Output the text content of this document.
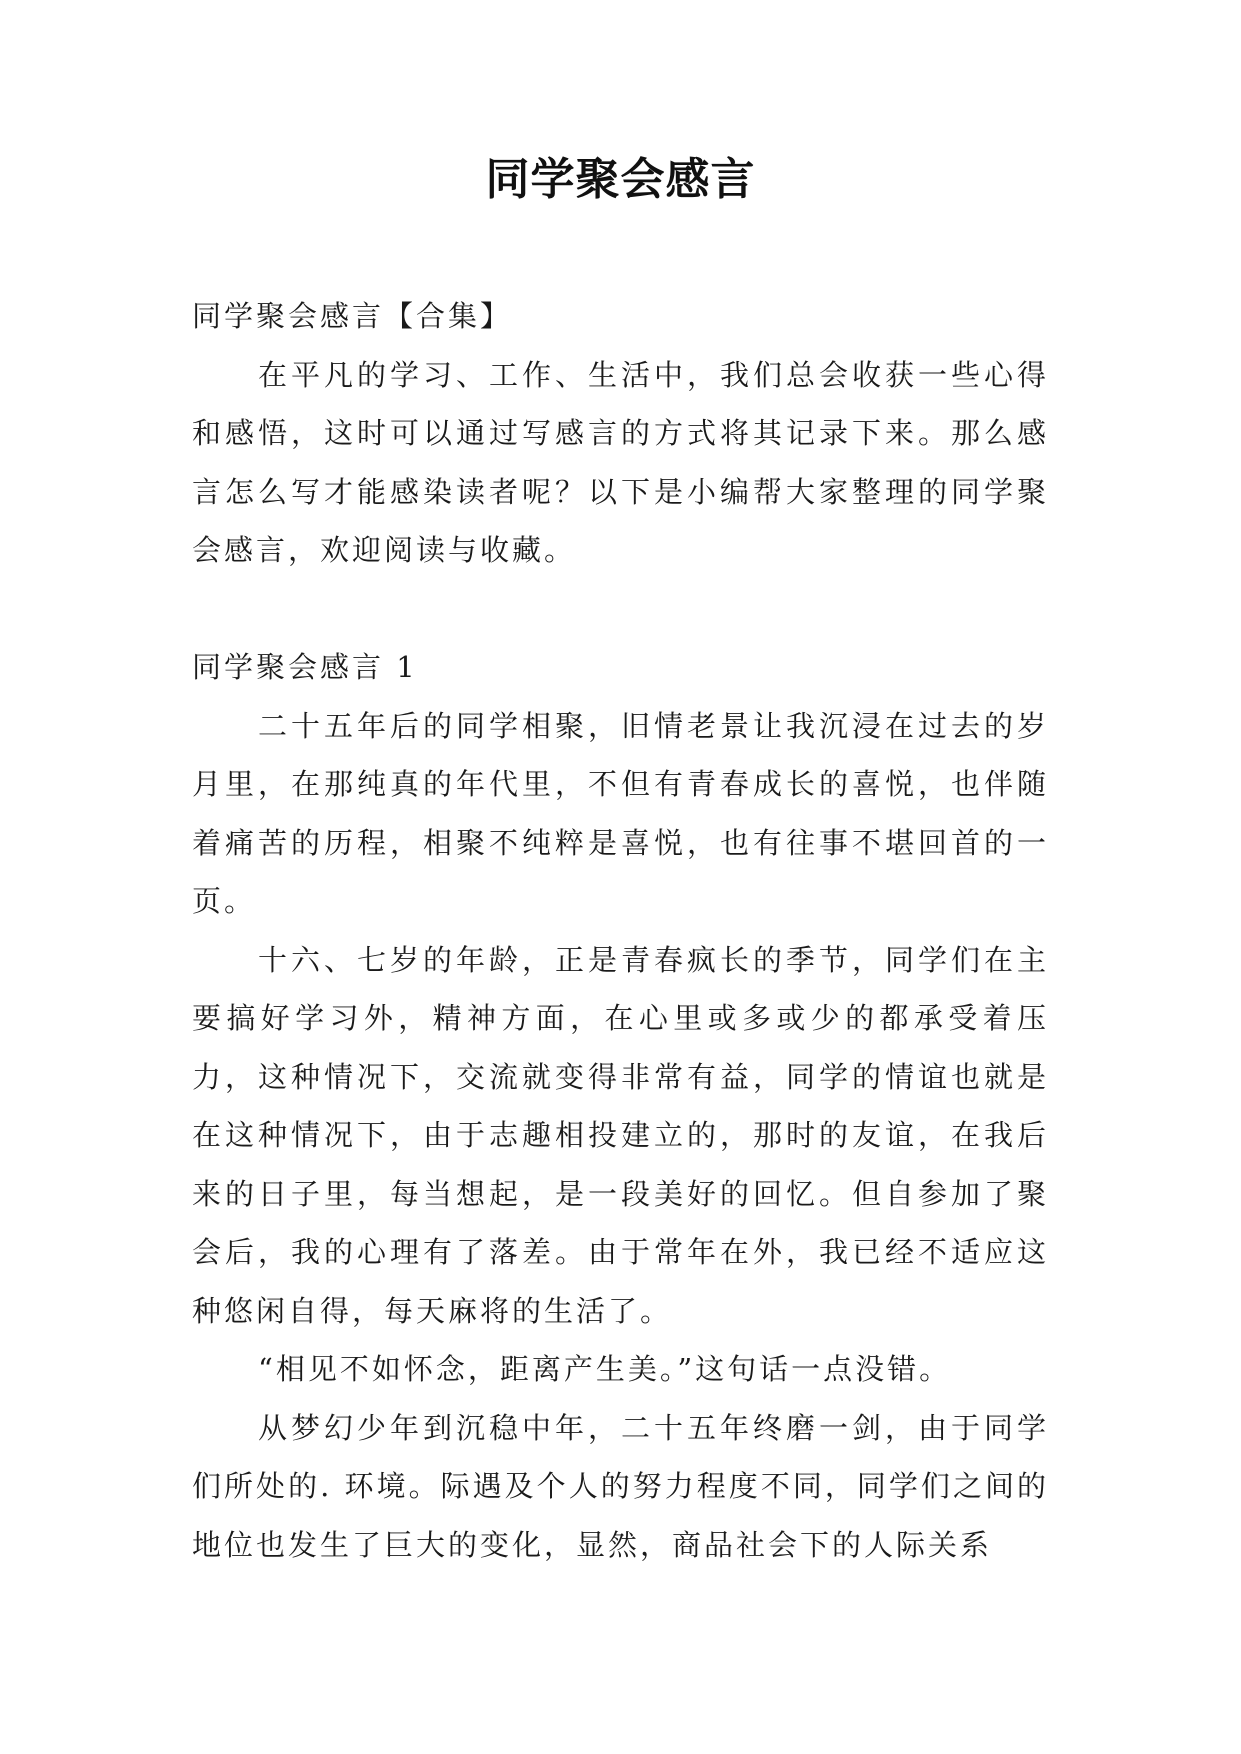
同学聚会感言

同学聚会感言【合集】

在平凡的学习、工作、生活中，我们总会收获一些心得和感悟，这时可以通过写感言的方式将其记录下来。那么感言怎么写才能感染读者呢？以下是小编帮大家整理的同学聚会感言，欢迎阅读与收藏。

同学聚会感言 1

二十五年后的同学相聚，旧情老景让我沉浸在过去的岁月里，在那纯真的年代里，不但有青春成长的喜悦，也伴随着痛苦的历程，相聚不纯粹是喜悦，也有往事不堪回首的一页。

十六、七岁的年龄，正是青春疯长的季节，同学们在主要搞好学习外，精神方面，在心里或多或少的都承受着压力，这种情况下，交流就变得非常有益，同学的情谊也就是在这种情况下，由于志趣相投建立的，那时的友谊，在我后来的日子里，每当想起，是一段美好的回忆。但自参加了聚会后，我的心理有了落差。由于常年在外，我已经不适应这种悠闲自得，每天麻将的生活了。

“相见不如怀念，距离产生美。”这句话一点没错。

从梦幻少年到沉稳中年，二十五年终磨一剑，由于同学们所处的. 环境。际遇及个人的努力程度不同，同学们之间的地位也发生了巨大的变化，显然，商品社会下的人际关系
